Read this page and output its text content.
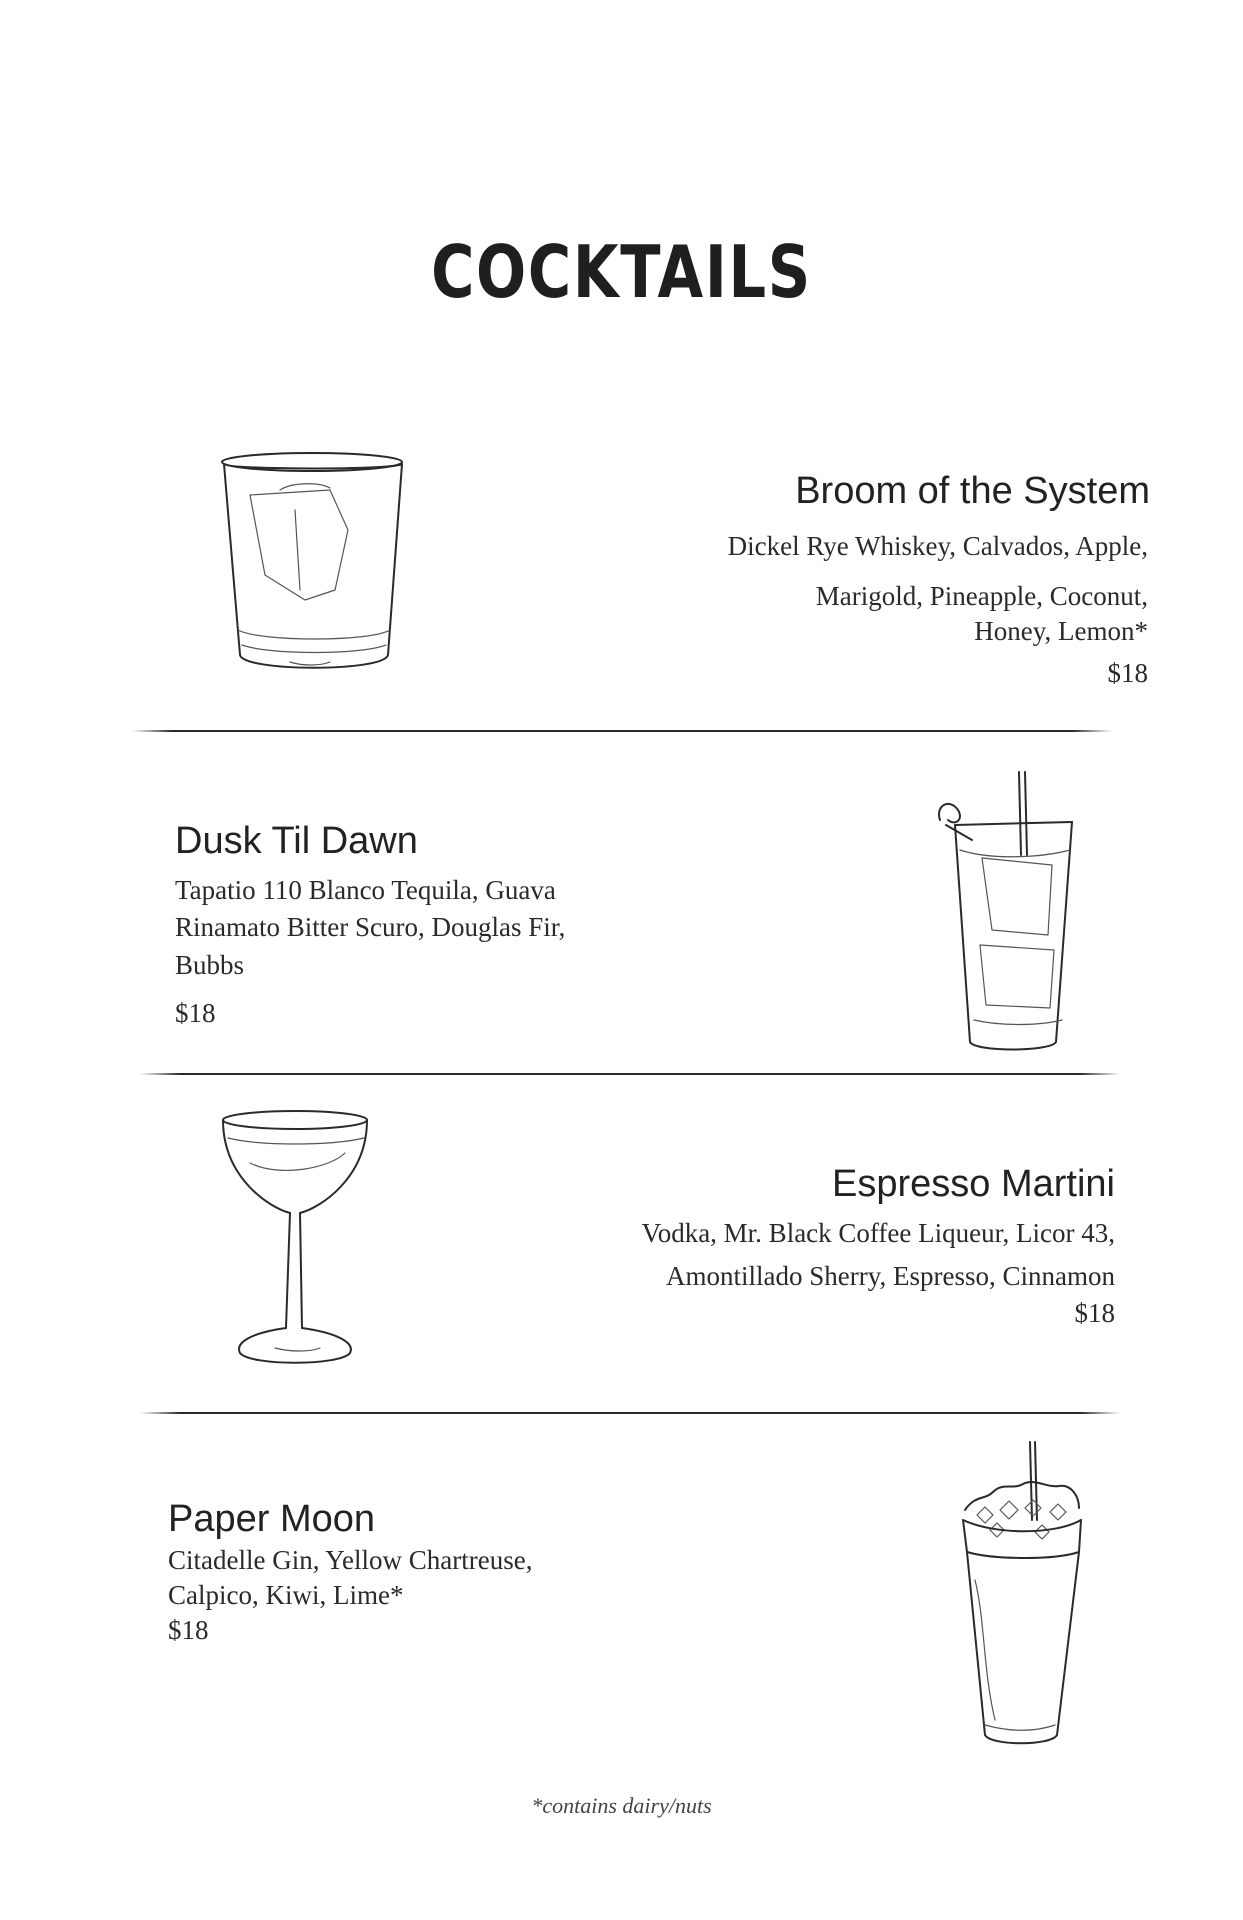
COCKTAILS
Broom of the System
Dickel Rye Whiskey, Calvados, Apple,
Marigold, Pineapple, Coconut,
Honey, Lemon*
$18
Dusk Til Dawn
Tapatio 110 Blanco Tequila, Guava
Rinamato Bitter Scuro, Douglas Fir,
Bubbs
$18
Espresso Martini
Vodka, Mr. Black Coffee Liqueur, Licor 43,
Amontillado Sherry, Espresso, Cinnamon
$18
Paper Moon
Citadelle Gin, Yellow Chartreuse,
Calpico, Kiwi, Lime*
$18
*contains dairy/nuts
